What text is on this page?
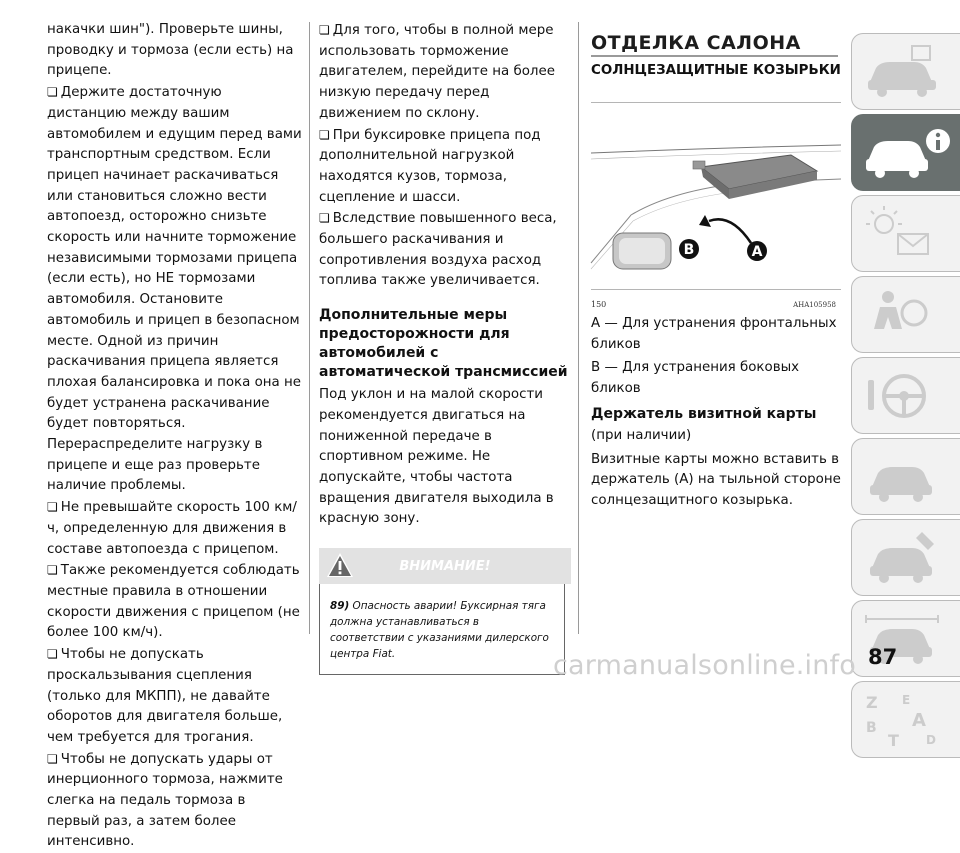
накачки шин"). Проверьте шины, проводку и тормоза (если есть) на прицепе.
❏ Держите достаточную дистанцию между вашим автомобилем и едущим перед вами транспортным средством. Если прицеп начинает раскачиваться или становиться сложно вести автопоезд, осторожно снизьте скорость или начните торможение независимыми тормозами прицепа (если есть), но НЕ тормозами автомобиля. Остановите автомобиль и прицеп в безопасном месте. Одной из причин раскачивания прицепа является плохая балансировка и пока она не будет устранена раскачивание будет повторяться. Перераспределите нагрузку в прицепе и еще раз проверьте наличие проблемы.
❏ Не превышайте скорость 100 км/ч, определенную для движения в составе автопоезда с прицепом.
❏ Также рекомендуется соблюдать местные правила в отношении скорости движения с прицепом (не более 100 км/ч).
❏ Чтобы не допускать проскальзывания сцепления (только для МКПП), не давайте оборотов для двигателя больше, чем требуется для трогания.
❏ Чтобы не допускать удары от инерционного тормоза, нажмите слегка на педаль тормоза в первый раз, а затем более интенсивно.
❏ Для того, чтобы в полной мере использовать торможение двигателем, перейдите на более низкую передачу перед движением по склону.
❏ При буксировке прицепа под дополнительной нагрузкой находятся кузов, тормоза, сцепление и шасси.
❏ Вследствие повышенного веса, большего раскачивания и сопротивления воздуха расход топлива также увеличивается.
Дополнительные меры предосторожности для автомобилей с автоматической трансмиссией
Под уклон и на малой скорости рекомендуется двигаться на пониженной передаче в спортивном режиме. Не допускайте, чтобы частота вращения двигателя выходила в красную зону.
ВНИМАНИЕ!
89) Опасность аварии! Буксирная тяга должна устанавливаться в соответствии с указаниями дилерского центра Fiat.
ОТДЕЛКА САЛОНА
СОЛНЦЕЗАЩИТНЫЕ КОЗЫРЬКИ
B	A
150	AHA105958
A — Для устранения фронтальных бликов
B — Для устранения боковых бликов
Держатель визитной карты
(при наличии)
Визитные карты можно вставить в держатель (A) на тыльной стороне солнцезащитного козырька.
Z E
A
B
T D
carmanualsonline.info 87
